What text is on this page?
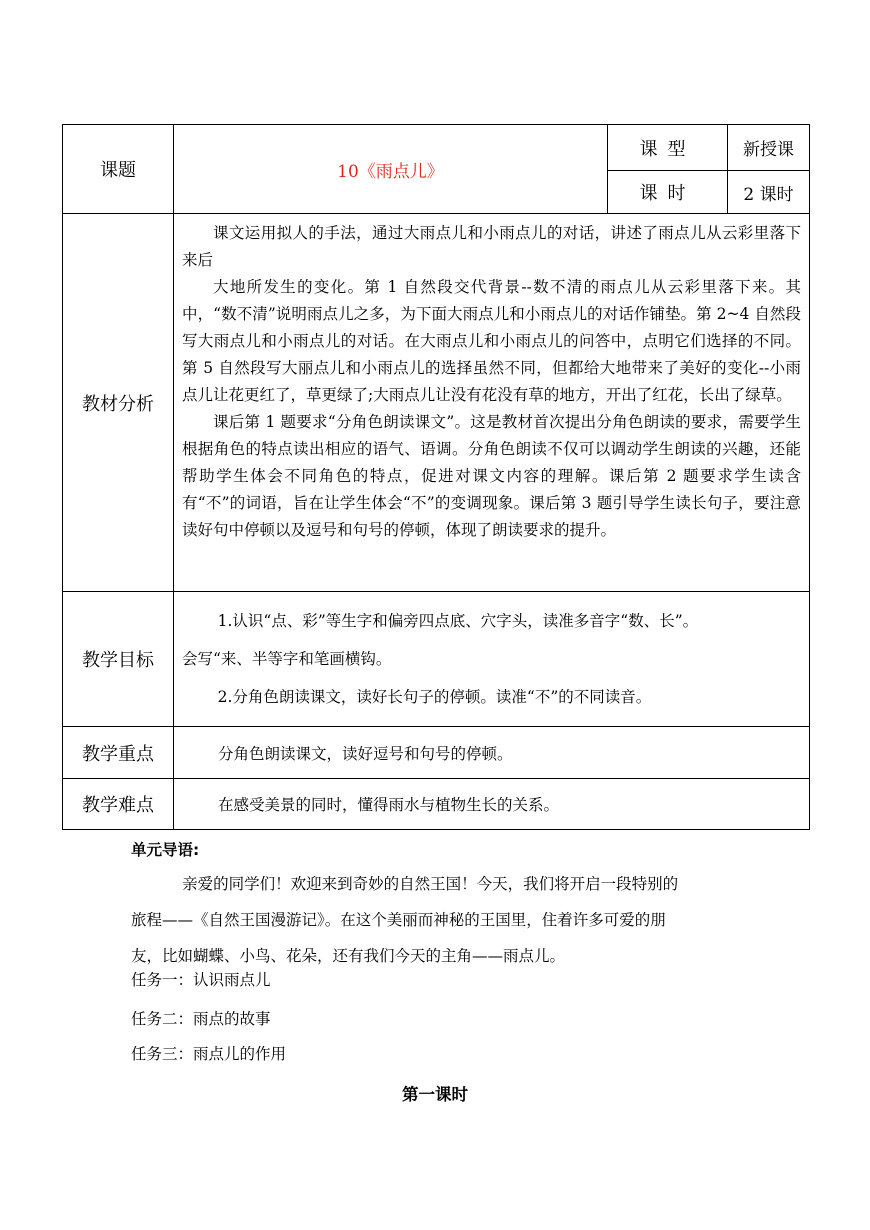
课题	10《雨点儿》	课型	新授课
		课时	2 课时
教材分析	课文运用拟人的手法，通过大雨点儿和小雨点儿的对话，讲述了雨点儿从云彩里落下来后

大地所发生的变化。第 1 自然段交代背景--数不清的雨点儿从云彩里落下来。其中，“数不清”说明雨点儿之多，为下面大雨点儿和小雨点儿的对话作铺垫。第 2~4 自然段写大雨点儿和小雨点儿的对话。在大雨点儿和小雨点儿的问答中，点明它们选择的不同。第 5 自然段写大丽点儿和小雨点儿的选择虽然不同，但都给大地带来了美好的变化--小雨点儿让花更红了，草更绿了;大雨点儿让没有花没有草的地方，开出了红花，长出了绿草。

课后第 1 题要求“分角色朗读课文”。这是教材首次提出分角色朗读的要求，需要学生根据角色的特点读出相应的语气、语调。分角色朗读不仅可以调动学生朗读的兴趣，还能帮助学生体会不同角色的特点，促进对课文内容的理解。课后第 2 题要求学生读含有“不”的词语，旨在让学生体会“不”的变调现象。课后第 3 题引导学生读长句子，要注意读好句中停顿以及逗号和句号的停顿，体现了朗读要求的提升。		

教学目标	1.认识“点、彩”等生字和偏旁四点底、穴字头，读准多音字“数、长”。

会写“来、半等字和笔画横钩。

2.分角色朗读课文，读好长句子的停顿。读准“不”的不同读音。		

教学重点	分角色朗读课文，读好逗号和句号的停顿。		
教学难点	在感受美景的同时，懂得雨水与植物生长的关系。		
单元导语:

亲爱的同学们！欢迎来到奇妙的自然王国！今天，我们将开启一段特别的

旅程——《自然王国漫游记》。在这个美丽而神秘的王国里，住着许多可爱的朋

友，比如蝴蝶、小鸟、花朵，还有我们今天的主角——雨点儿。

任务一：认识雨点儿
任务二：雨点的故事
任务三：雨点儿的作用
第一课时
